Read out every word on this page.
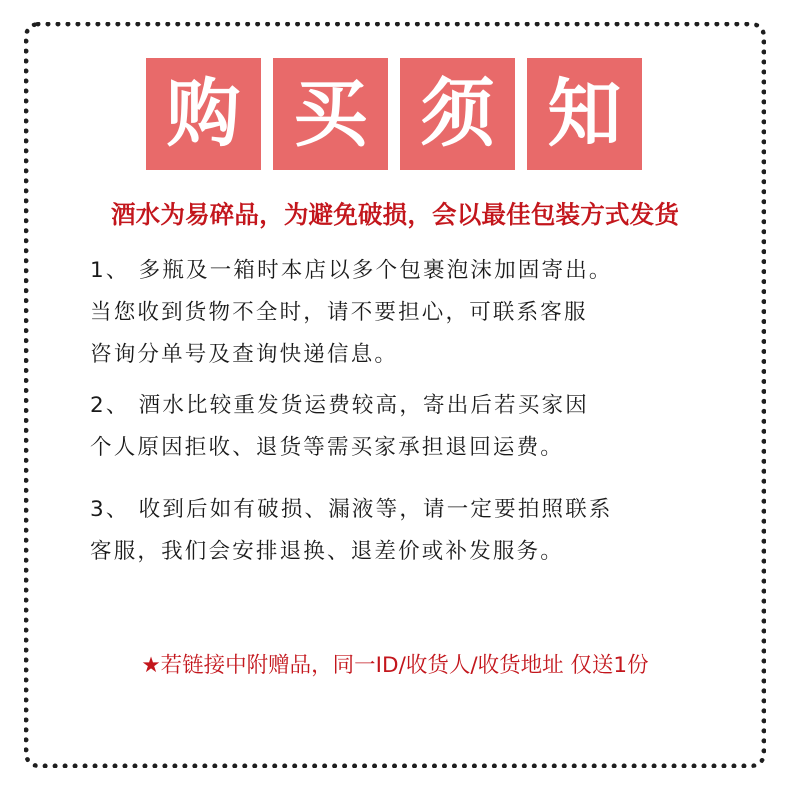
购 买 须 知
酒水为易碎品，为避免破损，会以最佳包装方式发货

1、 多瓶及一箱时本店以多个包裹泡沫加固寄出。
当您收到货物不全时，请不要担心，可联系客服
咨询分单号及查询快递信息。

2、 酒水比较重发货运费较高，寄出后若买家因
个人原因拒收、退货等需买家承担退回运费。

3、 收到后如有破损、漏液等，请一定要拍照联系
客服，我们会安排退换、退差价或补发服务。

★若链接中附赠品，同一ID/收货人/收货地址 仅送1份
